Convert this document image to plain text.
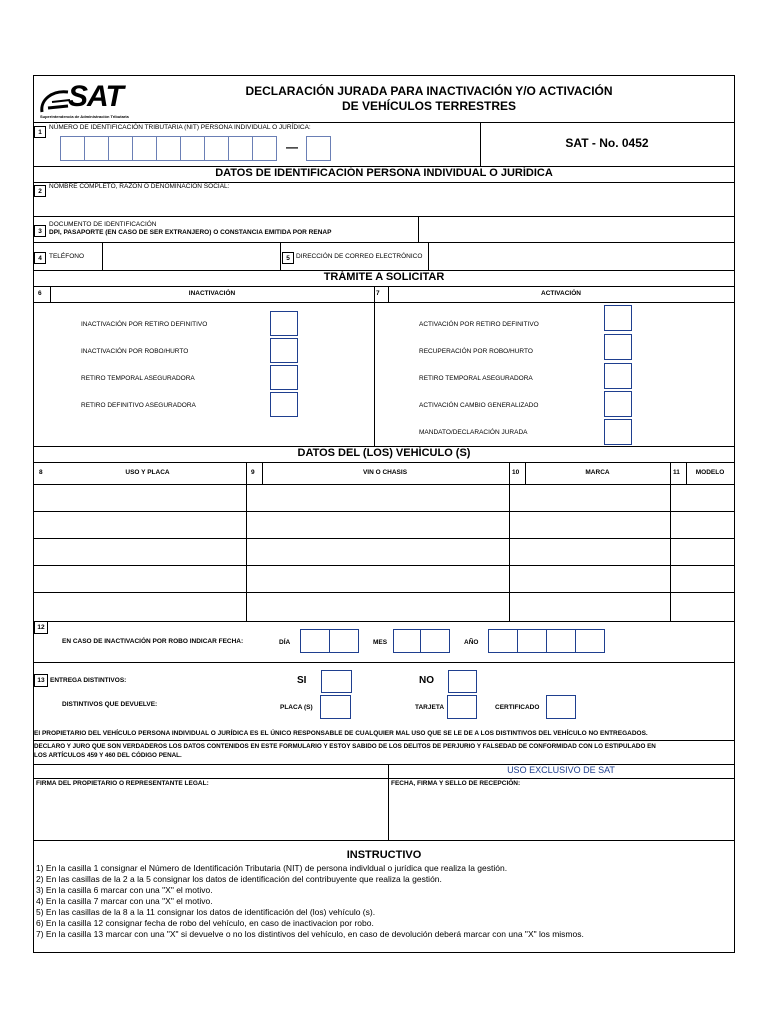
SAT
Superintendencia de Administración Tributaria
DECLARACIÓN JURADA PARA INACTIVACIÓN Y/O ACTIVACIÓN
DE VEHÍCULOS TERRESTRES
1
NÚMERO DE IDENTIFICACIÓN TRIBUTARIA (NIT) PERSONA INDIVIDUAL O JURÍDICA:
—	SAT - No. 0452
DATOS DE IDENTIFICACIÓN PERSONA INDIVIDUAL O JURÍDICA
2
NOMBRE COMPLETO, RAZÓN O DENOMINACIÓN SOCIAL:
3
DOCUMENTO DE IDENTIFICACIÓN
DPI, PASAPORTE (EN CASO DE SER EXTRANJERO) O CONSTANCIA EMITIDA POR RENAP
4	TELÉFONO	5 DIRECCIÓN DE CORREO ELECTRÓNICO
TRÁMITE A SOLICITAR
6	INACTIVACIÓN	7	ACTIVACIÓN
INACTIVACIÓN POR RETIRO DEFINITIVO
INACTIVACIÓN POR ROBO/HURTO
RETIRO TEMPORAL ASEGURADORA
RETIRO DEFINITIVO ASEGURADORA
ACTIVACIÓN POR RETIRO DEFINITIVO
RECUPERACIÓN POR ROBO/HURTO
RETIRO TEMPORAL ASEGURADORA
ACTIVACIÓN CAMBIO GENERALIZADO
MANDATO/DECLARACIÓN JURADA
DATOS DEL (LOS) VEHÍCULO (S)
8	USO Y PLACA	9	VIN O CHASIS	10	MARCA	11	MODELO
12
EN CASO DE INACTIVACIÓN POR ROBO INDICAR FECHA:	DÍA	MES	AÑO
13 ENTREGA DISTINTIVOS:	SI	NO
DISTINTIVOS QUE DEVUELVE:	PLACA (S)	TARJETA	CERTIFICADO
El PROPIETARIO DEL VEHÍCULO PERSONA INDIVIDUAL O JURÍDICA ES EL ÚNICO RESPONSABLE DE CUALQUIER MAL USO QUE SE LE DE A LOS DISTINTIVOS DEL VEHÍCULO NO ENTREGADOS.
DECLARO Y JURO QUE SON VERDADEROS LOS DATOS CONTENIDOS EN ESTE FORMULARIO Y ESTOY SABIDO DE LOS DELITOS DE PERJURIO Y FALSEDAD DE CONFORMIDAD CON LO ESTIPULADO EN
LOS ARTÍCULOS 459 Y 460 DEL CÓDIGO PENAL.
USO EXCLUSIVO DE SAT
FIRMA DEL PROPIETARIO O REPRESENTANTE LEGAL:	FECHA, FIRMA Y SELLO DE RECEPCIÓN:
INSTRUCTIVO
1) En la casilla 1 consignar el Número de Identificación Tributaria (NIT) de persona indivldual o jurídica que realiza la gestión.
2) En las casillas de la 2 a la 5 consignar los datos de identificación del contribuyente que realiza la gestión.
3) En la casilla 6 marcar con una "X" el motivo.
4) En la casilla 7 marcar con una "X" el motivo.
5) En las casillas de la 8 a la 11 consignar los datos de identificación del (los) vehículo (s).
6) En la casilla 12 consignar fecha de robo del vehículo, en caso de inactivacion por robo.
7) En la casilla 13 marcar con una "X" si devuelve o no los distintivos del vehículo, en caso de devolución deberá marcar con una "X" los mismos.
